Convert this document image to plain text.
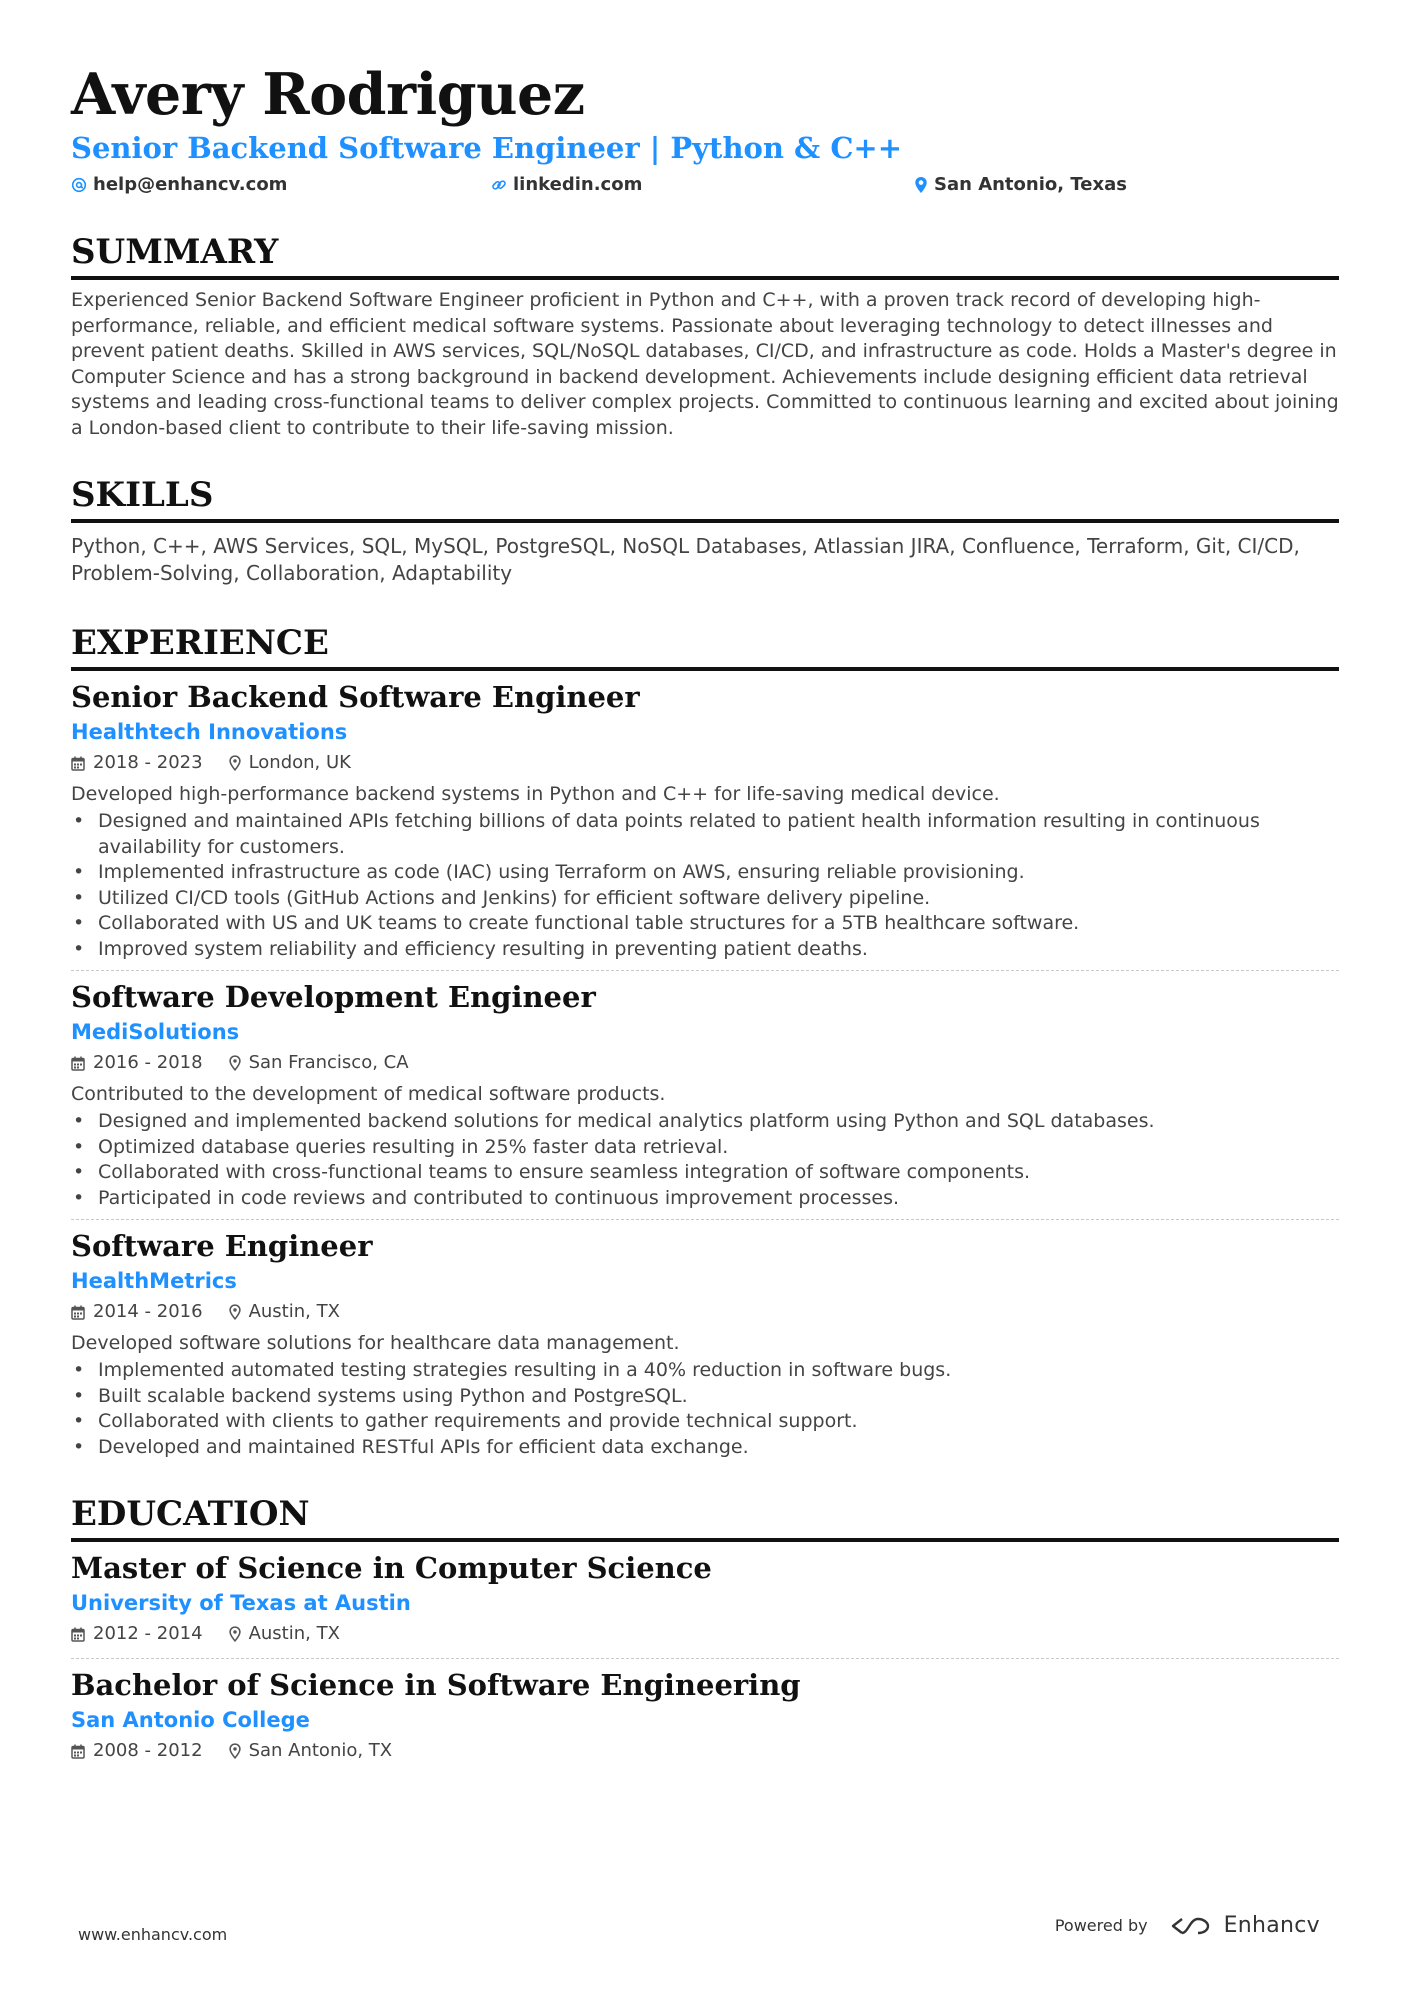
Avery Rodriguez
Senior Backend Software Engineer | Python & C++
help@enhancv.com	linkedin.com	San Antonio, Texas
SUMMARY

Experienced Senior Backend Software Engineer proficient in Python and C++, with a proven track record of developing high-performance, reliable, and efficient medical software systems. Passionate about leveraging technology to detect illnesses and prevent patient deaths. Skilled in AWS services, SQL/NoSQL databases, CI/CD, and infrastructure as code. Holds a Master's degree in Computer Science and has a strong background in backend development. Achievements include designing efficient data retrieval systems and leading cross-functional teams to deliver complex projects. Committed to continuous learning and excited about joining a London-based client to contribute to their life-saving mission.

SKILLS

Python, C++, AWS Services, SQL, MySQL, PostgreSQL, NoSQL Databases, Atlassian JIRA, Confluence, Terraform, Git, CI/CD, Problem-Solving, Collaboration, Adaptability

EXPERIENCE
Senior Backend Software Engineer
Healthtech Innovations
2018 - 2023	London, UK

Developed high-performance backend systems in Python and C++ for life-saving medical device.

• Designed and maintained APIs fetching billions of data points related to patient health information resulting in continuous availability for customers.
• Implemented infrastructure as code (IAC) using Terraform on AWS, ensuring reliable provisioning.
• Utilized CI/CD tools (GitHub Actions and Jenkins) for efficient software delivery pipeline.
• Collaborated with US and UK teams to create functional table structures for a 5TB healthcare software.
• Improved system reliability and efficiency resulting in preventing patient deaths.
Software Development Engineer
MediSolutions
2016 - 2018	San Francisco, CA

Contributed to the development of medical software products.

• Designed and implemented backend solutions for medical analytics platform using Python and SQL databases.
• Optimized database queries resulting in 25% faster data retrieval.
• Collaborated with cross-functional teams to ensure seamless integration of software components.
• Participated in code reviews and contributed to continuous improvement processes.
Software Engineer
HealthMetrics
2014 - 2016	Austin, TX

Developed software solutions for healthcare data management.

• Implemented automated testing strategies resulting in a 40% reduction in software bugs.
• Built scalable backend systems using Python and PostgreSQL.
• Collaborated with clients to gather requirements and provide technical support.
• Developed and maintained RESTful APIs for efficient data exchange.
EDUCATION
Master of Science in Computer Science
University of Texas at Austin
2012 - 2014	Austin, TX
Bachelor of Science in Software Engineering
San Antonio College
2008 - 2012	San Antonio, TX
www.enhancv.com	Powered by	Enhancv
